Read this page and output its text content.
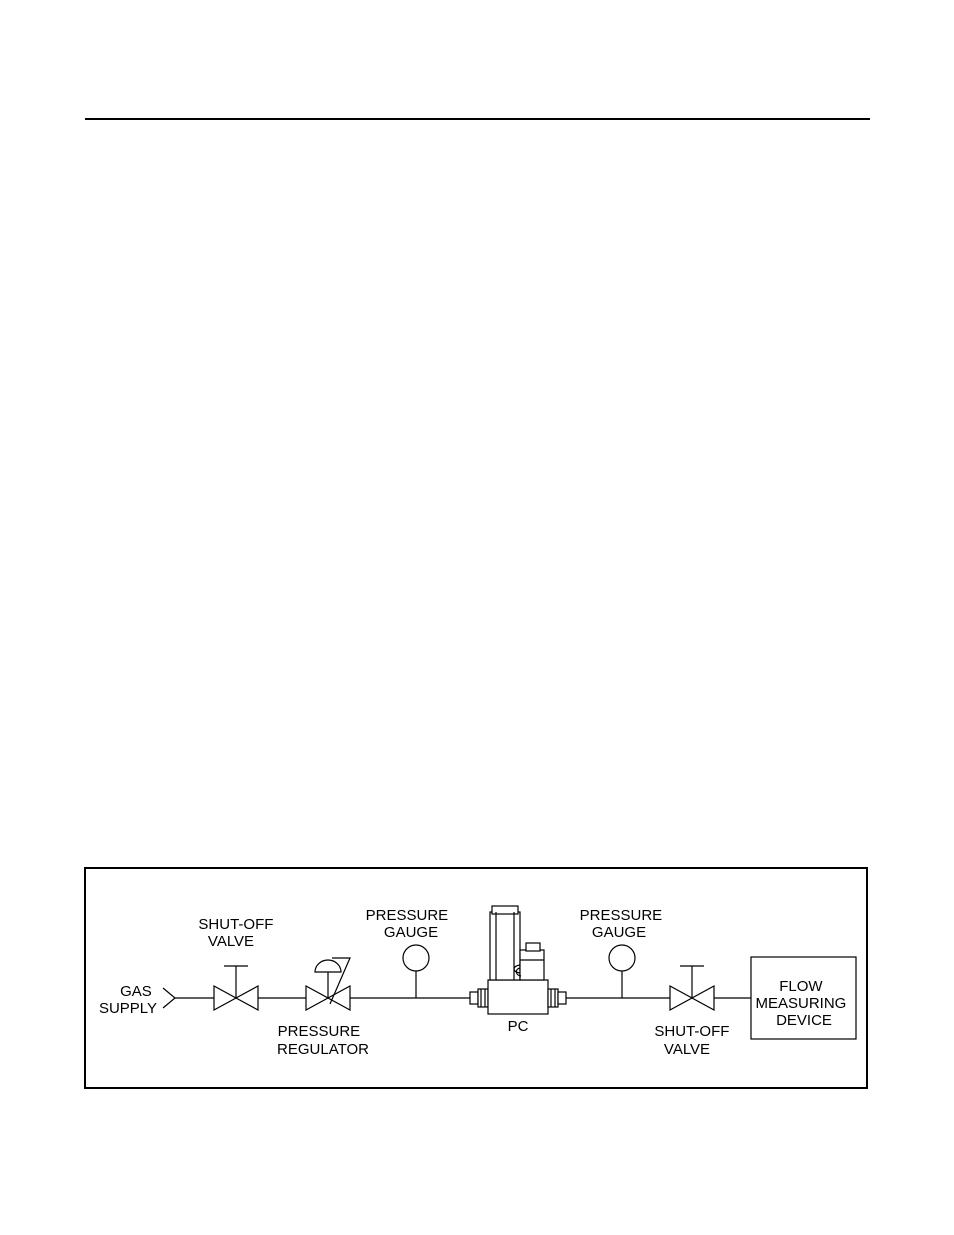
GAS SUPPLY
SHUT-OFF VALVE
PRESSURE REGULATOR
PRESSURE GAUGE
PC
PRESSURE GAUGE
SHUT-OFF VALVE
FLOW MEASURING DEVICE
